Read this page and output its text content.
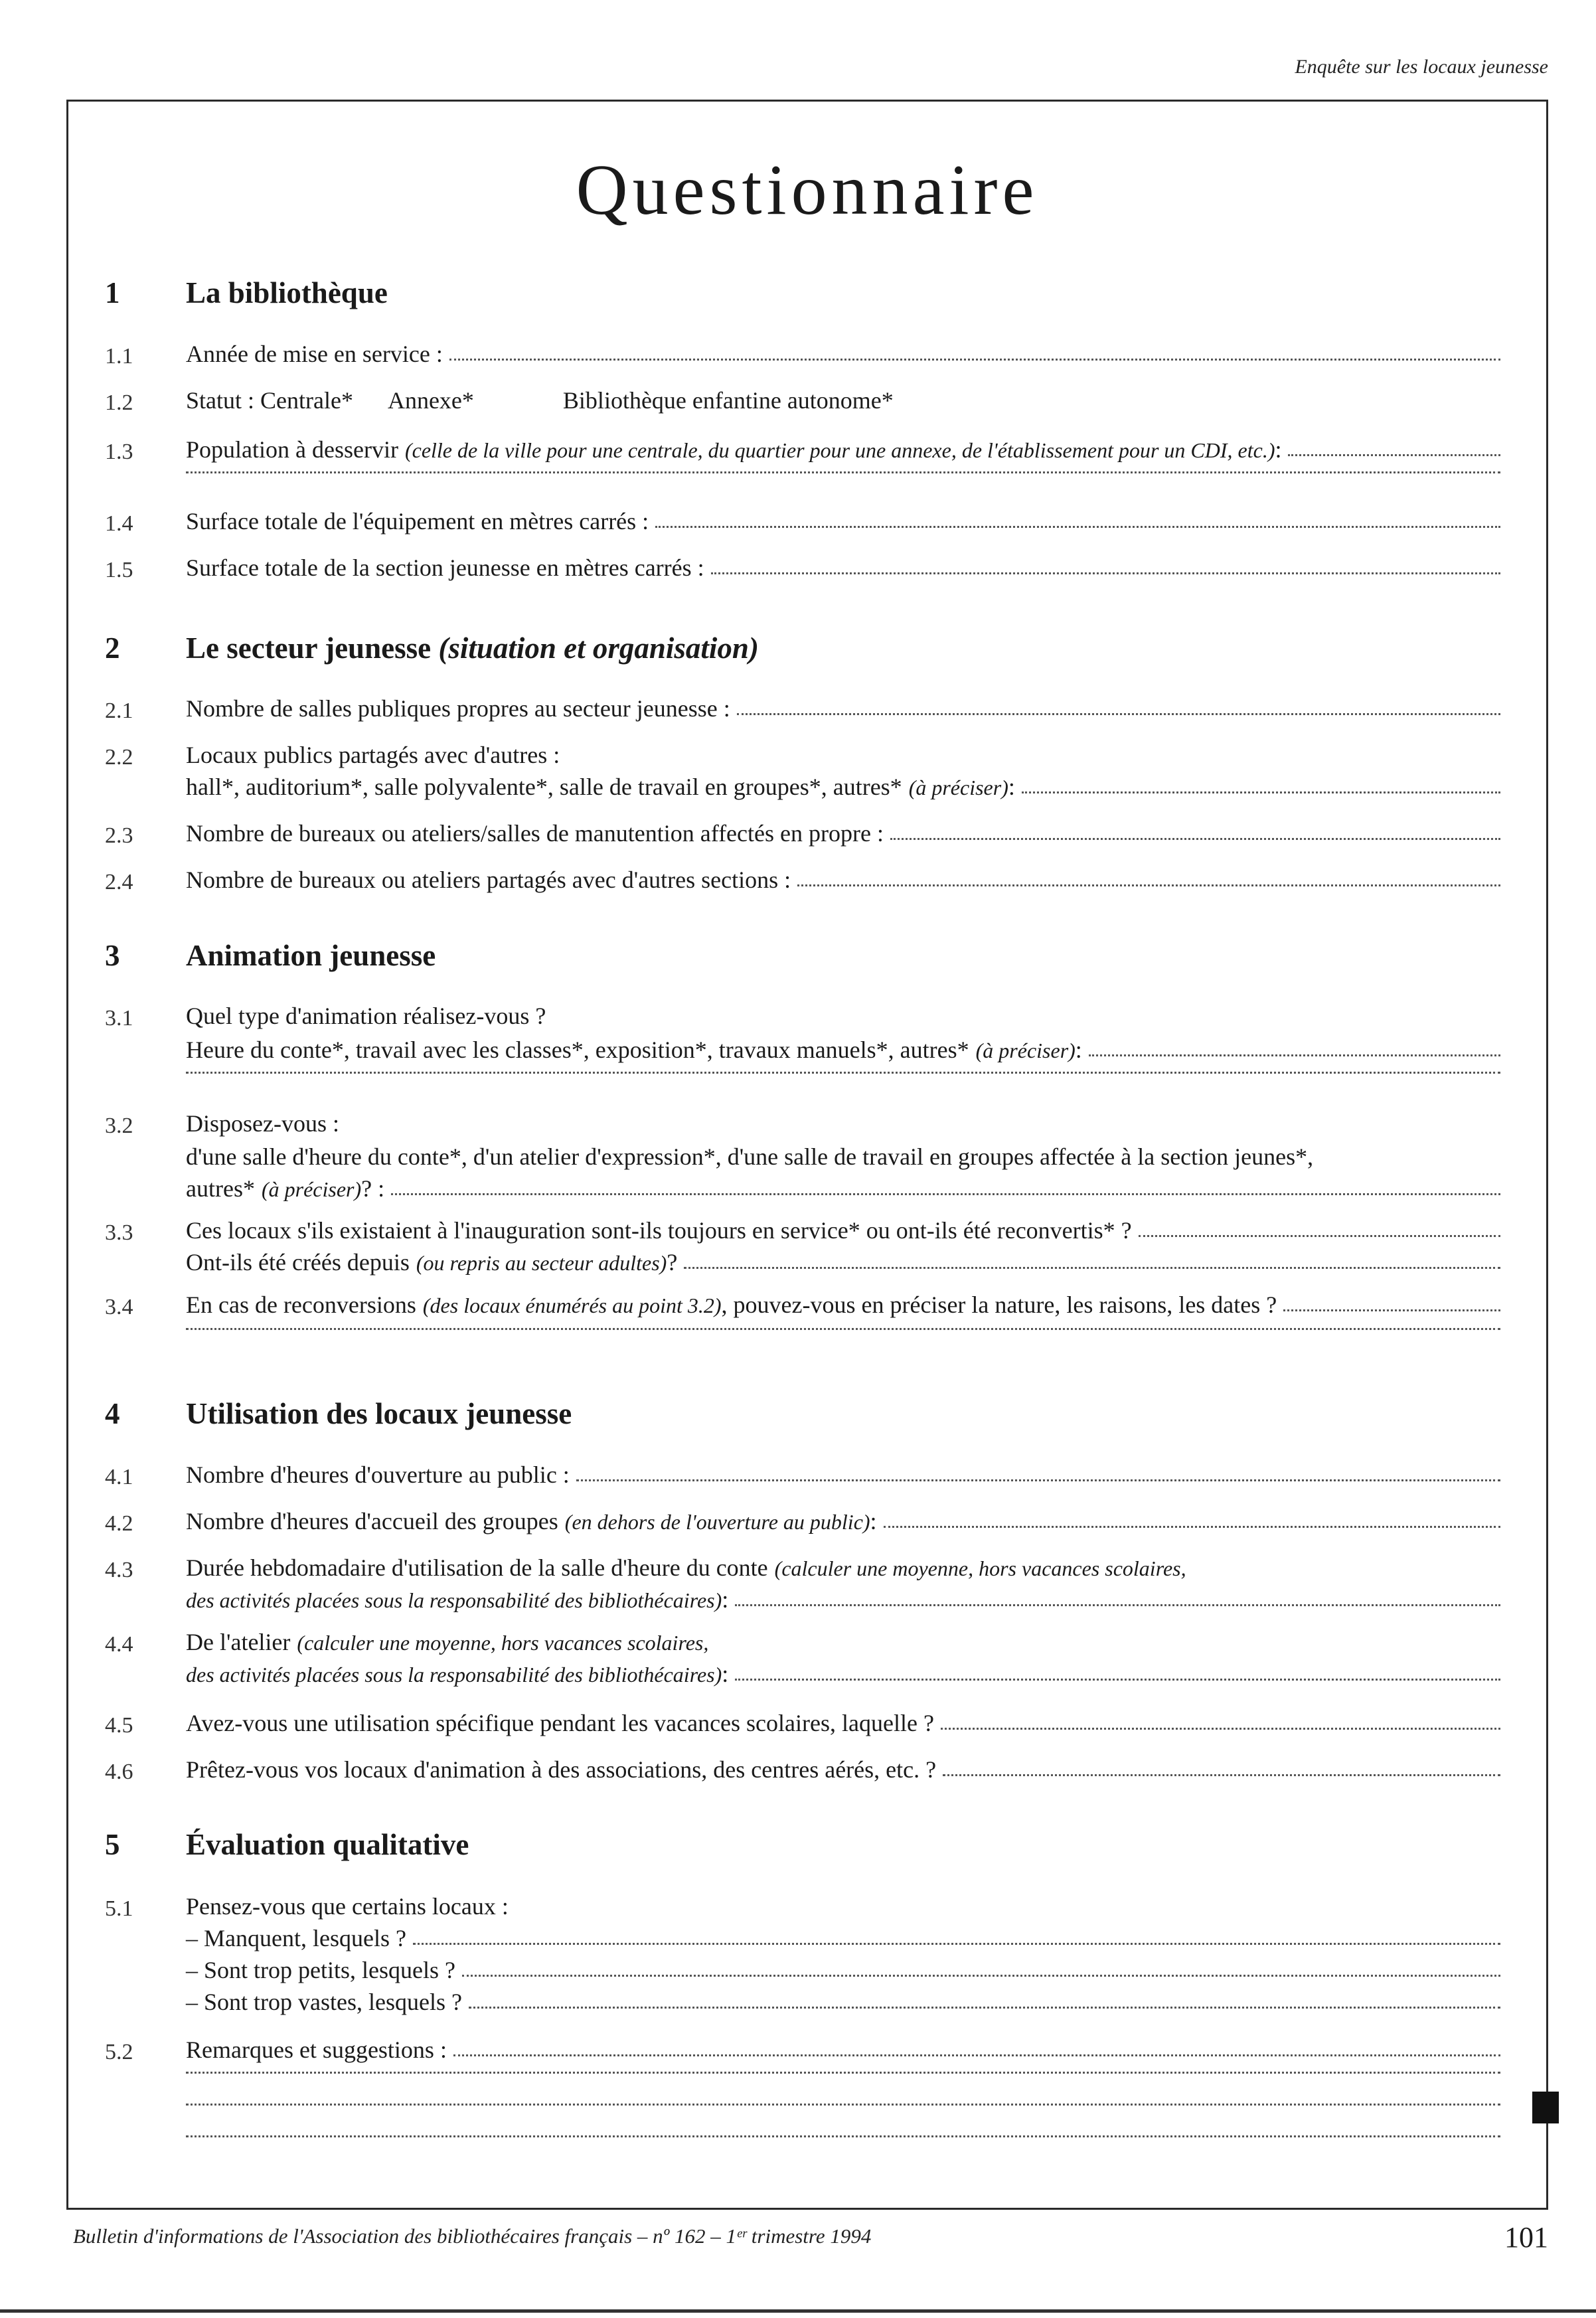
Enquête sur les locaux jeunesse
Questionnaire
1 La bibliothèque
1.1 Année de mise en service :
1.2 Statut : Centrale* Annexe*	Bibliothèque enfantine autonome*
1.3 Population à desservir (celle de la ville pour une centrale, du quartier pour une annexe, de l'établissement pour un CDI, etc.) :
1.4 Surface totale de l'équipement en mètres carrés :
1.5 Surface totale de la section jeunesse en mètres carrés :
2 Le secteur jeunesse (situation et organisation)
2.1 Nombre de salles publiques propres au secteur jeunesse :
2.2 Locaux publics partagés avec d'autres :
hall*, auditorium*, salle polyvalente*, salle de travail en groupes*, autres* (à préciser) :
2.3 Nombre de bureaux ou ateliers/salles de manutention affectés en propre :
2.4 Nombre de bureaux ou ateliers partagés avec d'autres sections :
3 Animation jeunesse
3.1 Quel type d'animation réalisez-vous ?
Heure du conte*, travail avec les classes*, exposition*, travaux manuels*, autres* (à préciser) :
3.2 Disposez-vous :
d'une salle d'heure du conte*, d'un atelier d'expression*, d'une salle de travail en groupes affectée à la section jeunes*,
autres* (à préciser) ? :
3.3 Ces locaux s'ils existaient à l'inauguration sont-ils toujours en service* ou ont-ils été reconvertis* ?
Ont-ils été créés depuis (ou repris au secteur adultes) ?
3.4 En cas de reconversions (des locaux énumérés au point 3.2) , pouvez-vous en préciser la nature, les raisons, les dates ?
4 Utilisation des locaux jeunesse
4.1 Nombre d'heures d'ouverture au public :
4.2 Nombre d'heures d'accueil des groupes (en dehors de l'ouverture au public) :
4.3 Durée hebdomadaire d'utilisation de la salle d'heure du conte (calculer une moyenne, hors vacances scolaires,
des activités placées sous la responsabilité des bibliothécaires) :
4.4 De l'atelier (calculer une moyenne, hors vacances scolaires,
des activités placées sous la responsabilité des bibliothécaires) :
4.5 Avez-vous une utilisation spécifique pendant les vacances scolaires, laquelle ?
4.6 Prêtez-vous vos locaux d'animation à des associations, des centres aérés, etc. ?
5 Évaluation qualitative
5.1 Pensez-vous que certains locaux :
– Manquent, lesquels ?
– Sont trop petits, lesquels ?
– Sont trop vastes, lesquels ?
5.2 Remarques et suggestions :
Bulletin d'informations de l'Association des bibliothécaires français – nº 162 – 1ᵉʳ trimestre 1994	101
